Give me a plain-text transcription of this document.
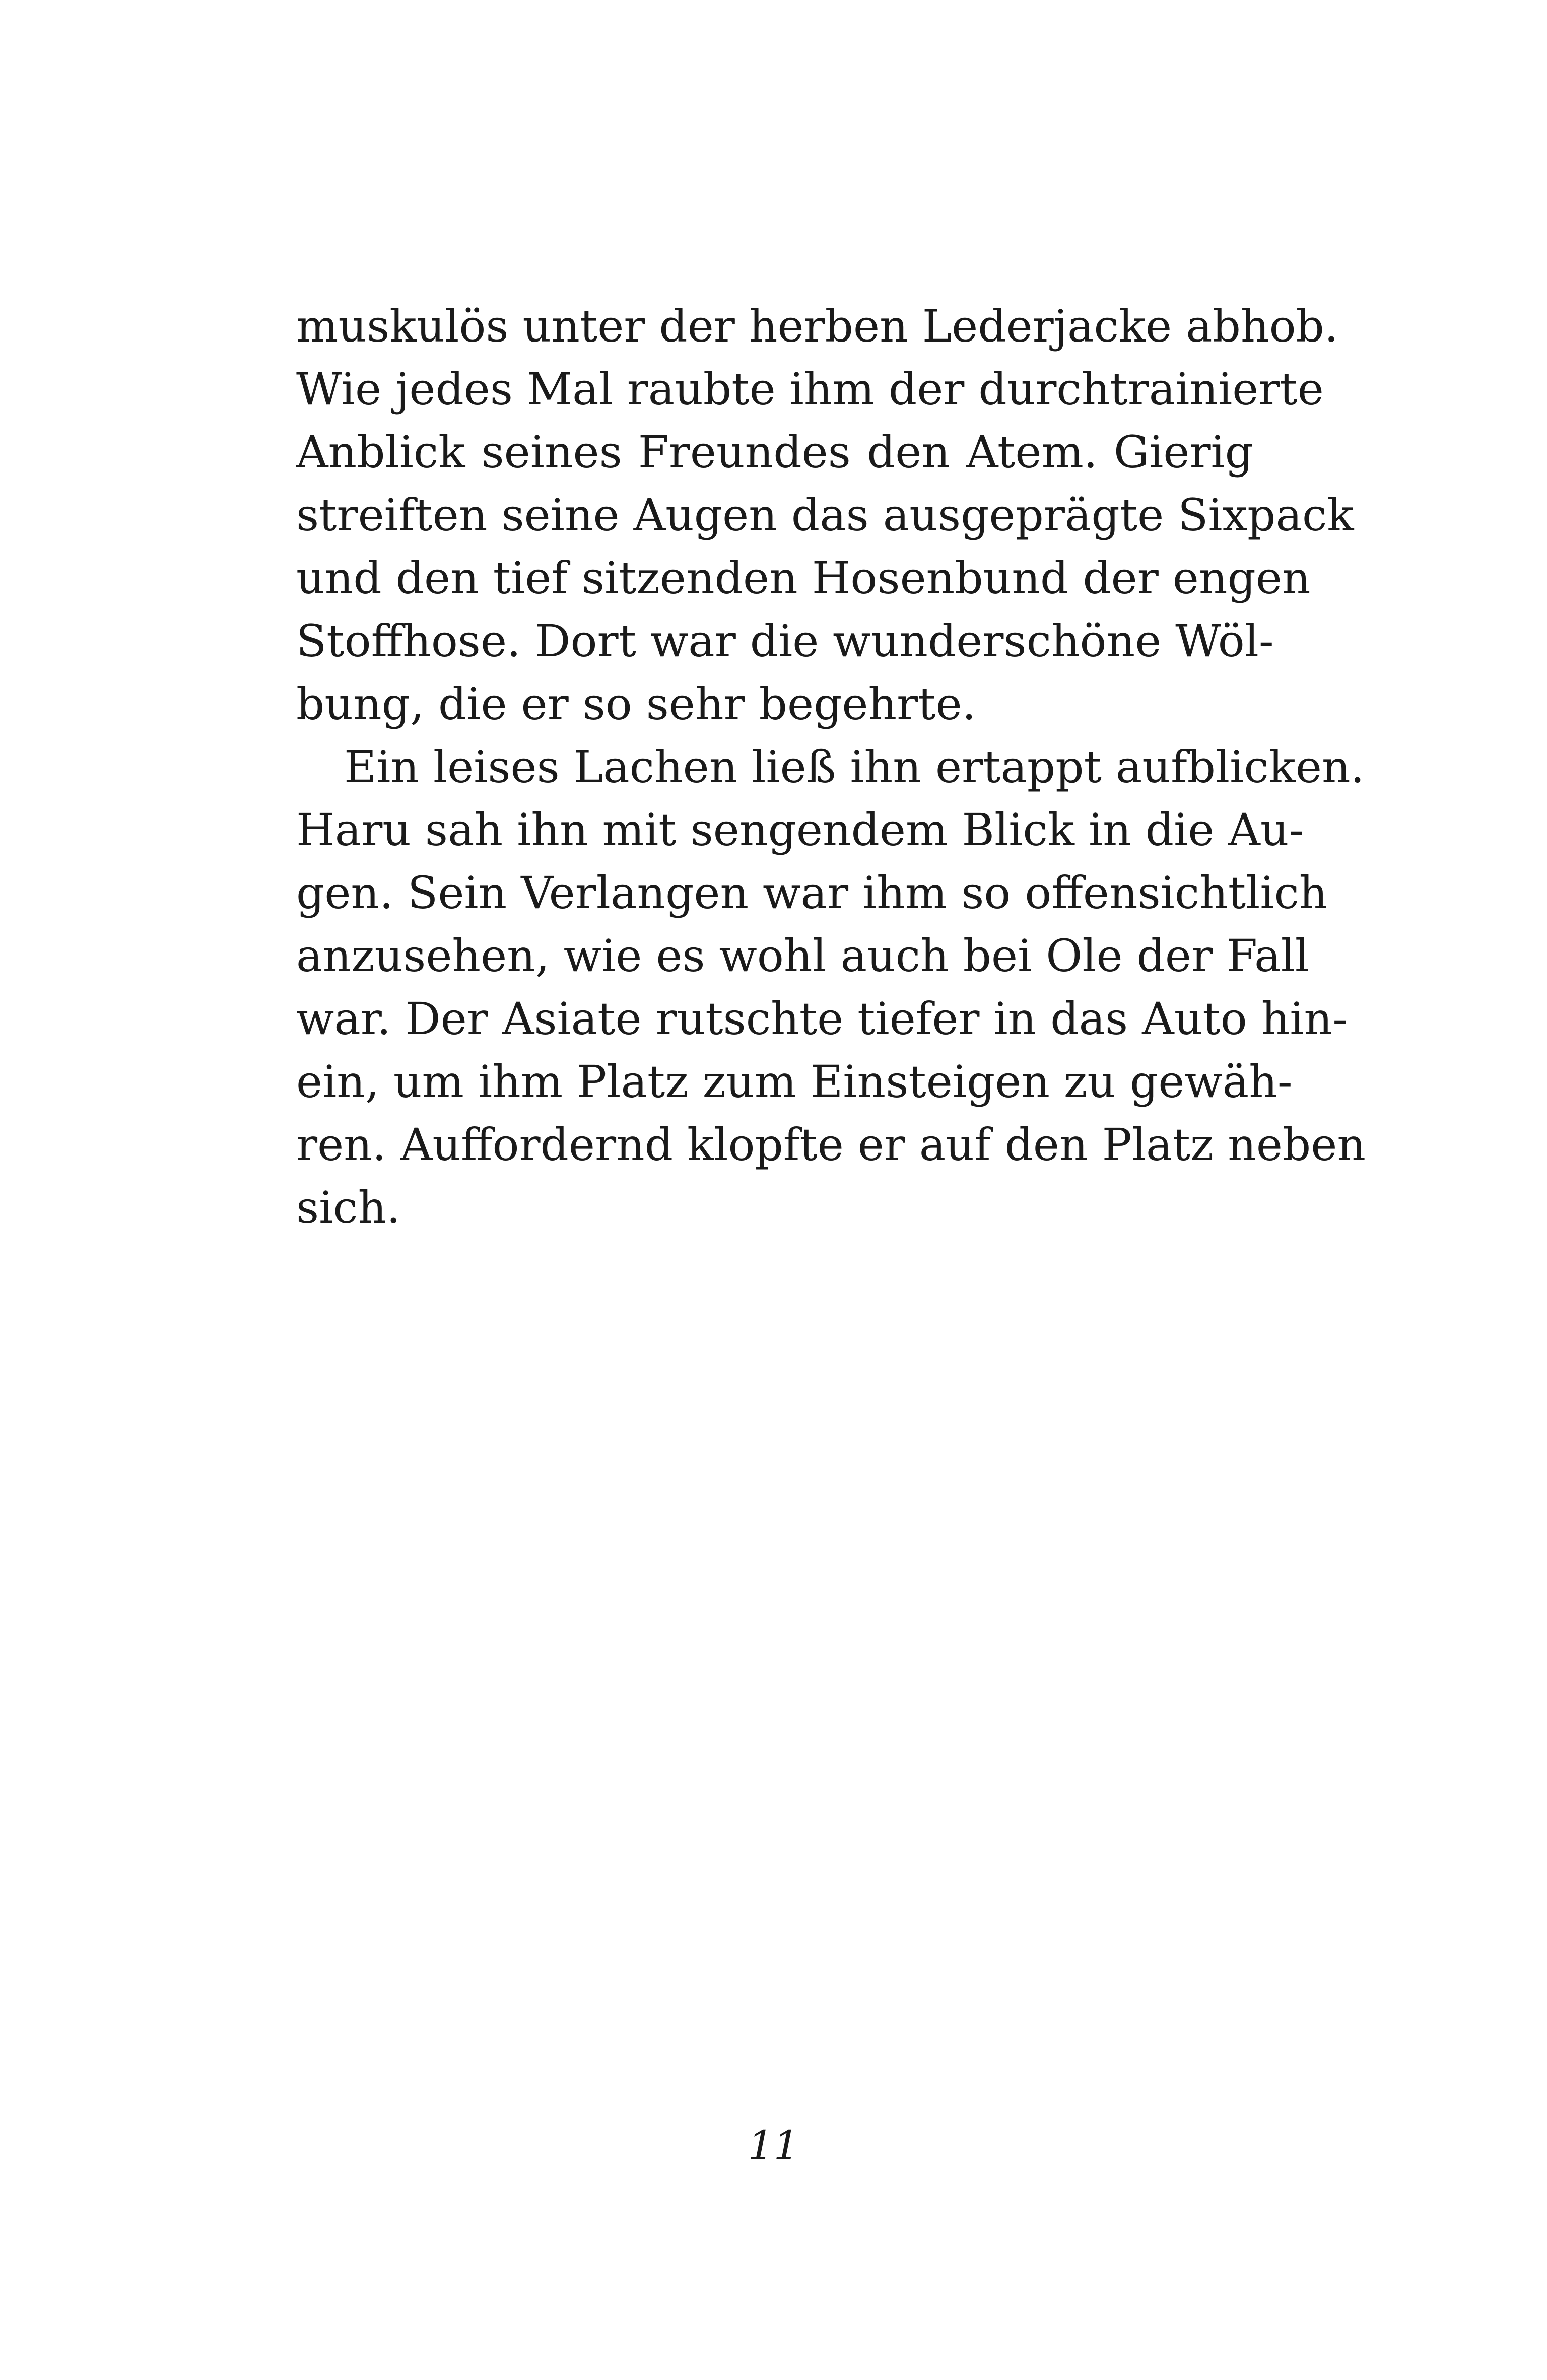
muskulös unter der herben Lederjacke abhob.
Wie jedes Mal raubte ihm der durchtrainierte
Anblick seines Freundes den Atem. Gierig
streiften seine Augen das ausgeprägte Sixpack
und den tief sitzenden Hosenbund der engen
Stoffhose. Dort war die wunderschöne Wöl-
bung, die er so sehr begehrte.
Ein leises Lachen ließ ihn ertappt aufblicken.
Haru sah ihn mit sengendem Blick in die Au-
gen. Sein Verlangen war ihm so offensichtlich
anzusehen, wie es wohl auch bei Ole der Fall
war. Der Asiate rutschte tiefer in das Auto hin-
ein, um ihm Platz zum Einsteigen zu gewäh-
ren. Auffordernd klopfte er auf den Platz neben
sich.
11
